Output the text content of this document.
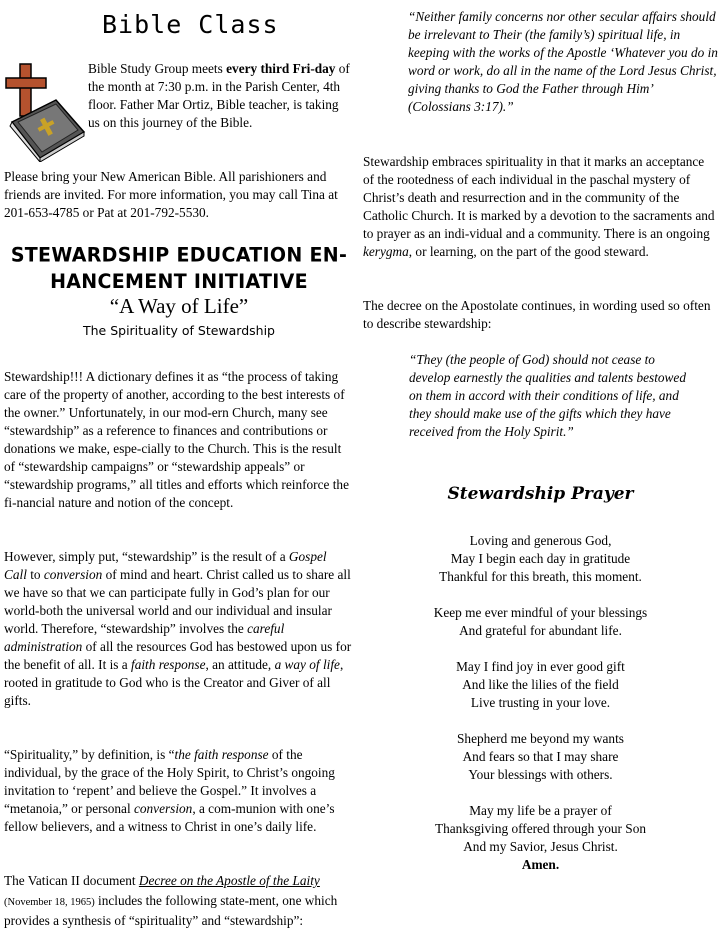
Bible Class

Bible Study Group meets every third Fri-day of the month at 7:30 p.m. in the Parish Center, 4th floor. Father Mar Ortiz, Bible teacher, is taking us on this journey of the Bible.

Please bring your New American Bible. All parishioners and friends are invited. For more information, you may call Tina at 201-653-4785 or Pat at 201-792-5530.

STEWARDSHIP EDUCATION EN-HANCEMENT INITIATIVE
“A Way of Life”
The Spirituality of Stewardship

Stewardship!!! A dictionary defines it as “the process of taking care of the property of another, according to the best interests of the owner.” Unfortunately, in our mod-ern Church, many see “stewardship” as a reference to finances and contributions or donations we make, espe-cially to the Church. This is the result of “stewardship campaigns” or “stewardship appeals” or “stewardship programs,” all titles and efforts which reinforce the fi-nancial nature and notion of the concept.

However, simply put, “stewardship” is the result of a Gospel Call to conversion of mind and heart. Christ called us to share all we have so that we can participate fully in God’s plan for our world-both the universal world and our individual and insular world. Therefore, “stewardship” involves the careful administration of all the resources God has bestowed upon us for the benefit of all. It is a faith response, an attitude, a way of life, rooted in gratitude to God who is the Creator and Giver of all gifts.

“Spirituality,” by definition, is “the faith response of the individual, by the grace of the Holy Spirit, to Christ’s ongoing invitation to ‘repent’ and believe the Gospel.” It involves a “metanoia,” or personal conversion, a com-munion with one’s fellow believers, and a witness to Christ in one’s daily life.

The Vatican II document Decree on the Apostle of the Laity (November 18, 1965) includes the following state-ment, one which provides a synthesis of “spirituality” and “stewardship”:

“Neither family concerns nor other secular affairs should be irrelevant to Their (the family’s) spiritual life, in keeping with the works of the Apostle ‘Whatever you do in word or work, do all in the name of the Lord Jesus Christ, giving thanks to God the Father through Him’ (Colossians 3:17).”

Stewardship embraces spirituality in that it marks an acceptance of the rootedness of each individual in the paschal mystery of Christ’s death and resurrection and in the community of the Catholic Church. It is marked by a devotion to the sacraments and to prayer as an indi-vidual and a community. There is an ongoing kerygma, or learning, on the part of the good steward.

The decree on the Apostolate continues, in wording used so often to describe stewardship:

“They (the people of God) should not cease to develop earnestly the qualities and talents bestowed on them in accord with their conditions of life, and they should make use of the gifts which they have received from the Holy Spirit.”

Stewardship Prayer
Loving and generous God,
May I begin each day in gratitude
Thankful for this breath, this moment.
Keep me ever mindful of your blessings
And grateful for abundant life.
May I find joy in ever good gift
And like the lilies of the field
Live trusting in your love.
Shepherd me beyond my wants
And fears so that I may share
Your blessings with others.
May my life be a prayer of
Thanksgiving offered through your Son
And my Savior, Jesus Christ.
Amen.
